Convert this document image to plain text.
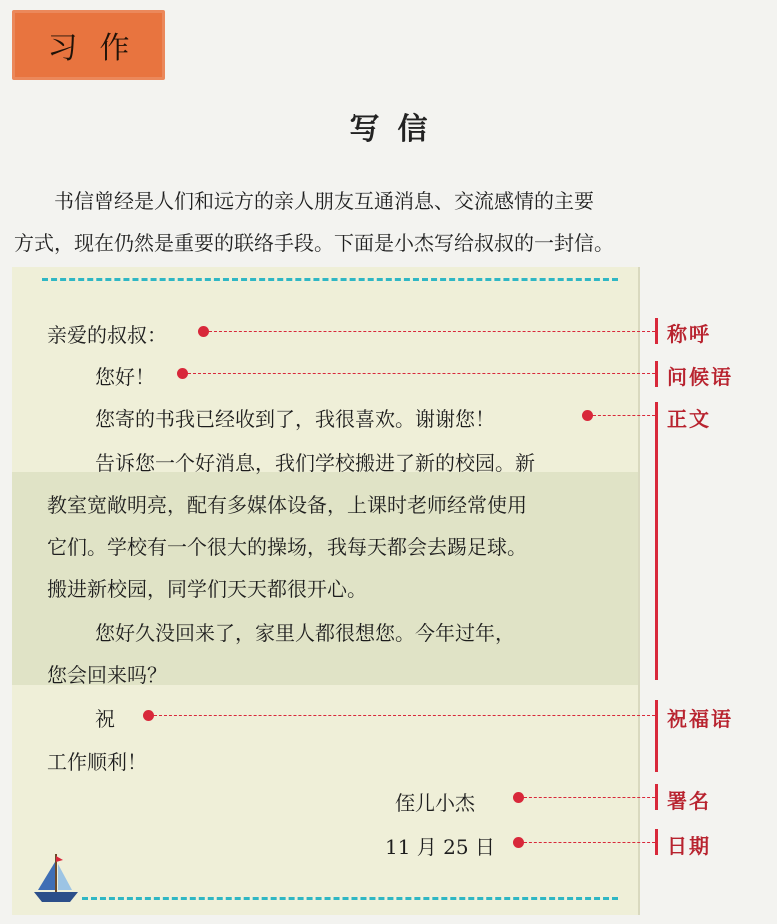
习作
写信

书信曾经是人们和远方的亲人朋友互通消息、交流感情的主要

方式，现在仍然是重要的联络手段。下面是小杰写给叔叔的一封信。
亲爱的叔叔：
您好！
您寄的书我已经收到了，我很喜欢。谢谢您！
告诉您一个好消息，我们学校搬进了新的校园。新
教室宽敞明亮，配有多媒体设备，上课时老师经常使用
它们。学校有一个很大的操场，我每天都会去踢足球。
搬进新校园，同学们天天都很开心。
您好久没回来了，家里人都很想您。今年过年，
您会回来吗？
祝
工作顺利！
侄儿小杰
11 月 25 日
称呼
问候语
正文
祝福语
署名
日期
